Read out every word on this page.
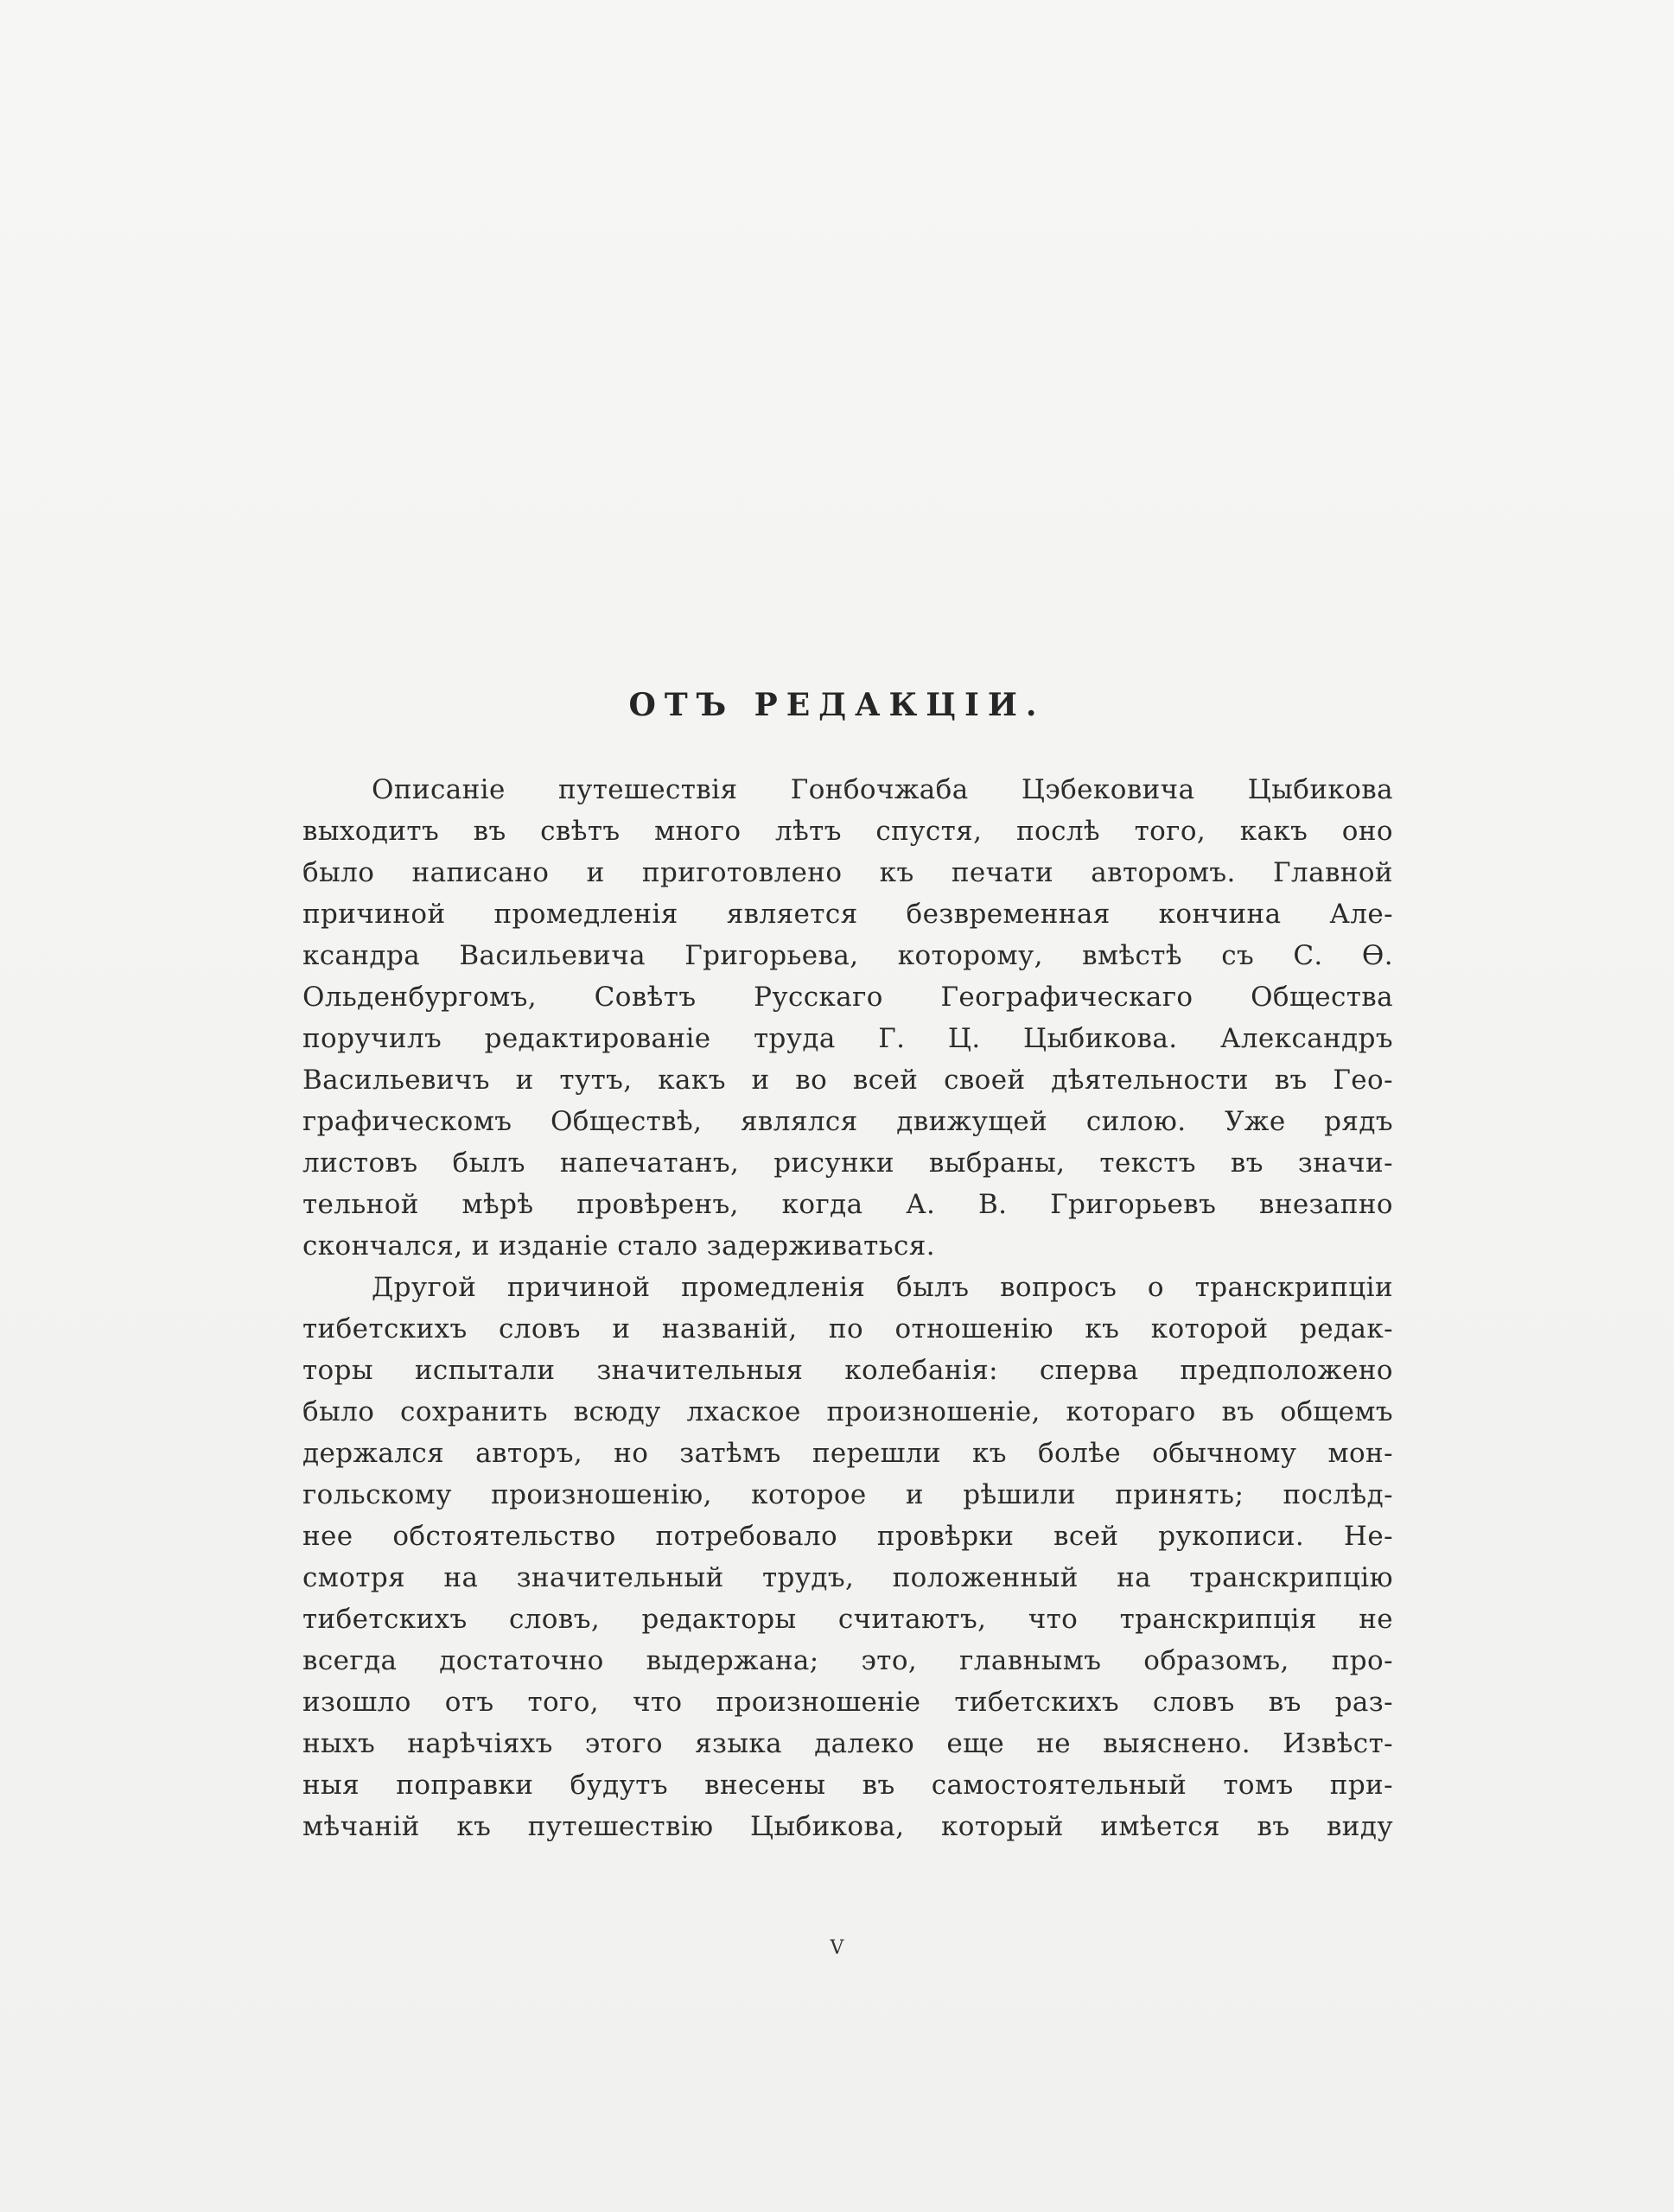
ОТЪ РЕДАКЦІИ.
Описаніе путешествія Гонбочжаба Цэбековича Цыбикова
выходитъ въ свѣтъ много лѣтъ спустя, послѣ того, какъ оно
было написано и приготовлено къ печати авторомъ. Главной
причиной промедленія является безвременная кончина Але-
ксандра Васильевича Григорьева, которому, вмѣстѣ съ С. Ѳ.
Ольденбургомъ, Совѣтъ Русскаго Географическаго Общества
поручилъ редактированіе труда Г. Ц. Цыбикова. Александръ
Васильевичъ и тутъ, какъ и во всей своей дѣятельности въ Гео-
графическомъ Обществѣ, являлся движущей силою. Уже рядъ
листовъ былъ напечатанъ, рисунки выбраны, текстъ въ значи-
тельной мѣрѣ провѣренъ, когда А. В. Григорьевъ внезапно
скончался, и изданіе стало задерживаться.
Другой причиной промедленія былъ вопросъ о транскрипціи
тибетскихъ словъ и названій, по отношенію къ которой редак-
торы испытали значительныя колебанія: сперва предположено
было сохранить всюду лхаское произношеніе, котораго въ общемъ
держался авторъ, но затѣмъ перешли къ болѣе обычному мон-
гольскому произношенію, которое и рѣшили принять; послѣд-
нее обстоятельство потребовало провѣрки всей рукописи. Не-
смотря на значительный трудъ, положенный на транскрипцію
тибетскихъ словъ, редакторы считаютъ, что транскрипція не
всегда достаточно выдержана; это, главнымъ образомъ, про-
изошло отъ того, что произношеніе тибетскихъ словъ въ раз-
ныхъ нарѣчіяхъ этого языка далеко еще не выяснено. Извѣст-
ныя поправки будутъ внесены въ самостоятельный томъ при-
мѣчаній къ путешествію Цыбикова, который имѣется въ виду

V
